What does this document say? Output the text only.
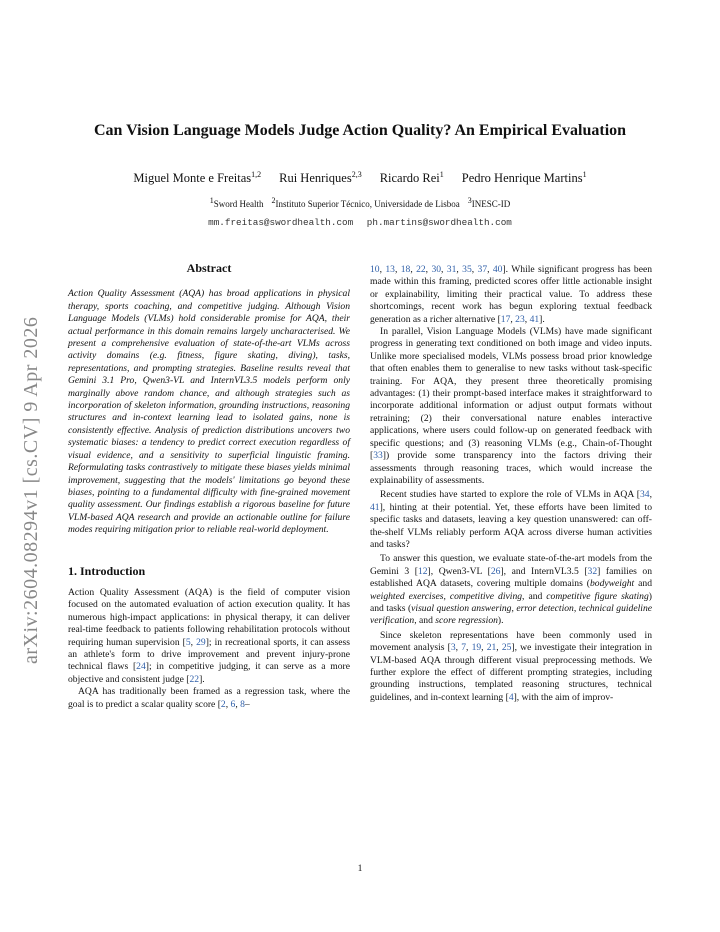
arXiv:2604.08294v1 [cs.CV] 9 Apr 2026
Can Vision Language Models Judge Action Quality? An Empirical Evaluation
Miguel Monte e Freitas$^{1,2}$ Rui Henriques$^{2,3}$ Ricardo Rei$^1$ Pedro Henrique Martins$^1$
$^1$Sword Health $^2$Instituto Superior Técnico, Universidade de Lisboa $^3$INESC-ID
mm.freitas@swordhealth.com ph.martins@swordhealth.com
Abstract

Action Quality Assessment (AQA) has broad applications in physical therapy, sports coaching, and competitive judging. Although Vision Language Models (VLMs) hold considerable promise for AQA, their actual performance in this domain remains largely uncharacterised. We present a comprehensive evaluation of state-of-the-art VLMs across activity domains (e.g. fitness, figure skating, diving), tasks, representations, and prompting strategies. Baseline results reveal that Gemini 3.1 Pro, Qwen3-VL and InternVL3.5 models perform only marginally above random chance, and although strategies such as incorporation of skeleton information, grounding instructions, reasoning structures and in-context learning lead to isolated gains, none is consistently effective. Analysis of prediction distributions uncovers two systematic biases: a tendency to predict correct execution regardless of visual evidence, and a sensitivity to superficial linguistic framing. Reformulating tasks contrastively to mitigate these biases yields minimal improvement, suggesting that the models' limitations go beyond these biases, pointing to a fundamental difficulty with fine-grained movement quality assessment. Our findings establish a rigorous baseline for future VLM-based AQA research and provide an actionable outline for failure modes requiring mitigation prior to reliable real-world deployment.

1. Introduction

Action Quality Assessment (AQA) is the field of computer vision focused on the automated evaluation of action execution quality. It has numerous high-impact applications: in physical therapy, it can deliver real-time feedback to patients following rehabilitation protocols without requiring human supervision [5, 29]; in recreational sports, it can assess an athlete's form to drive improvement and prevent injury-prone technical flaws [24]; in competitive judging, it can serve as a more objective and consistent judge [22].

AQA has traditionally been framed as a regression task, where the goal is to predict a scalar quality score [2, 6, 8–

10, 13, 18, 22, 30, 31, 35, 37, 40]. While significant progress has been made within this framing, predicted scores offer little actionable insight or explainability, limiting their practical value. To address these shortcomings, recent work has begun exploring textual feedback generation as a richer alternative [17, 23, 41].

In parallel, Vision Language Models (VLMs) have made significant progress in generating text conditioned on both image and video inputs. Unlike more specialised models, VLMs possess broad prior knowledge that often enables them to generalise to new tasks without task-specific training. For AQA, they present three theoretically promising advantages: (1) their prompt-based interface makes it straightforward to incorporate additional information or adjust output formats without retraining; (2) their conversational nature enables interactive applications, where users could follow-up on generated feedback with specific questions; and (3) reasoning VLMs (e.g., Chain-of-Thought [33]) provide some transparency into the factors driving their assessments through reasoning traces, which would increase the explainability of assessments.

Recent studies have started to explore the role of VLMs in AQA [34, 41], hinting at their potential. Yet, these efforts have been limited to specific tasks and datasets, leaving a key question unanswered: can off-the-shelf VLMs reliably perform AQA across diverse human activities and tasks?

To answer this question, we evaluate state-of-the-art models from the Gemini 3 [12], Qwen3-VL [26], and InternVL3.5 [32] families on established AQA datasets, covering multiple domains (bodyweight and weighted exercises, competitive diving, and competitive figure skating) and tasks (visual question answering, error detection, technical guideline verification, and score regression).

Since skeleton representations have been commonly used in movement analysis [3, 7, 19, 21, 25], we investigate their integration in VLM-based AQA through different visual preprocessing methods. We further explore the effect of different prompting strategies, including grounding instructions, templated reasoning structures, technical guidelines, and in-context learning [4], with the aim of improv-

1
